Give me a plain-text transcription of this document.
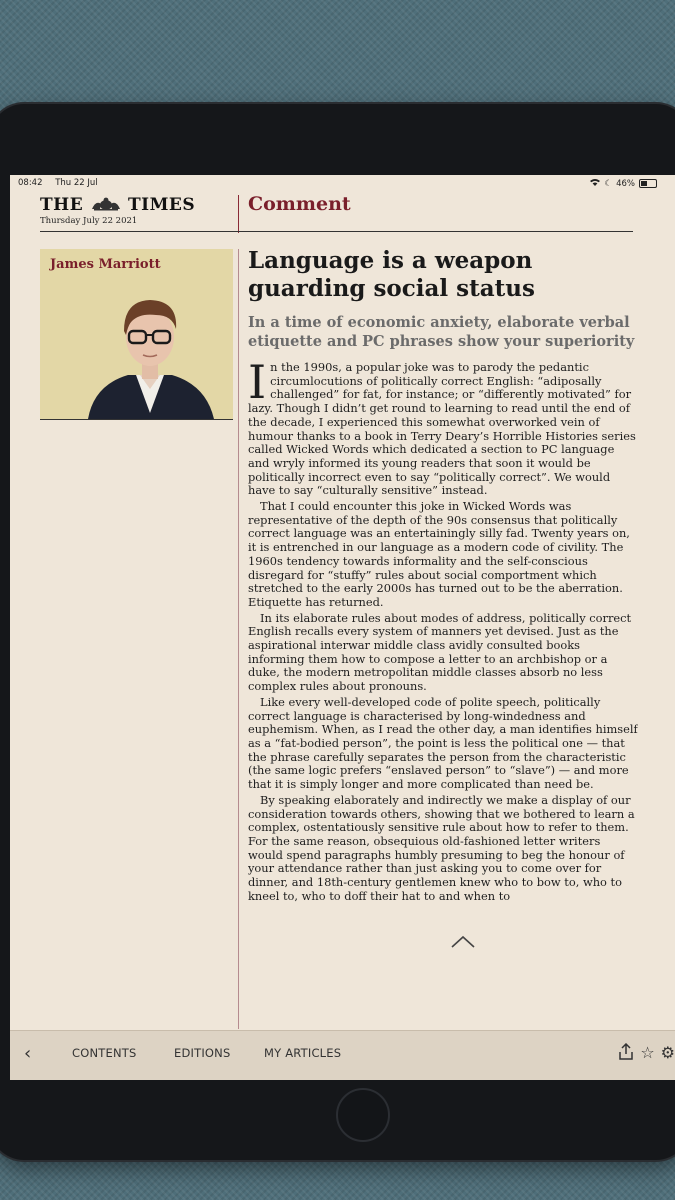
08:42 Thu 22 Jul	☾ 46%
THE	TIMES
Thursday July 22 2021
Comment
James Marriott	Language is a weapon guarding social status
In a time of economic anxiety, elaborate verbal etiquette and PC phrases show your superiority

In the 1990s, a popular joke was to parody the pedantic circumlocutions of politically correct English: “adiposally challenged” for fat, for instance; or “differently motivated” for lazy. Though I didn’t get round to learning to read until the end of the decade, I experienced this somewhat overworked vein of humour thanks to a book in Terry Deary’s Horrible Histories series called Wicked Words which dedicated a section to PC language and wryly informed its young readers that soon it would be politically incorrect even to say “politically correct”. We would have to say “culturally sensitive” instead.

That I could encounter this joke in Wicked Words was representative of the depth of the 90s consensus that politically correct language was an entertainingly silly fad. Twenty years on, it is entrenched in our language as a modern code of civility. The 1960s tendency towards informality and the self-conscious disregard for “stuffy” rules about social comportment which stretched to the early 2000s has turned out to be the aberration. Etiquette has returned.

In its elaborate rules about modes of address, politically correct English recalls every system of manners yet devised. Just as the aspirational interwar middle class avidly consulted books informing them how to compose a letter to an archbishop or a duke, the modern metropolitan middle classes absorb no less complex rules about pronouns.

Like every well-developed code of polite speech, politically correct language is characterised by long-windedness and euphemism. When, as I read the other day, a man identifies himself as a “fat-bodied person”, the point is less the political one — that the phrase carefully separates the person from the characteristic (the same logic prefers “enslaved person” to “slave”) — and more that it is simply longer and more complicated than need be.

By speaking elaborately and indirectly we make a display of our consideration towards others, showing that we bothered to learn a complex, ostentatiously sensitive rule about how to refer to them. For the same reason, obsequious old-fashioned letter writers would spend paragraphs humbly presuming to beg the honour of your attendance rather than just asking you to come over for dinner, and 18th-century gentlemen knew who to bow to, who to kneel to, who to doff their hat to and when to

‹	CONTENTS	EDITIONS	MY ARTICLES	☆ ⚙
